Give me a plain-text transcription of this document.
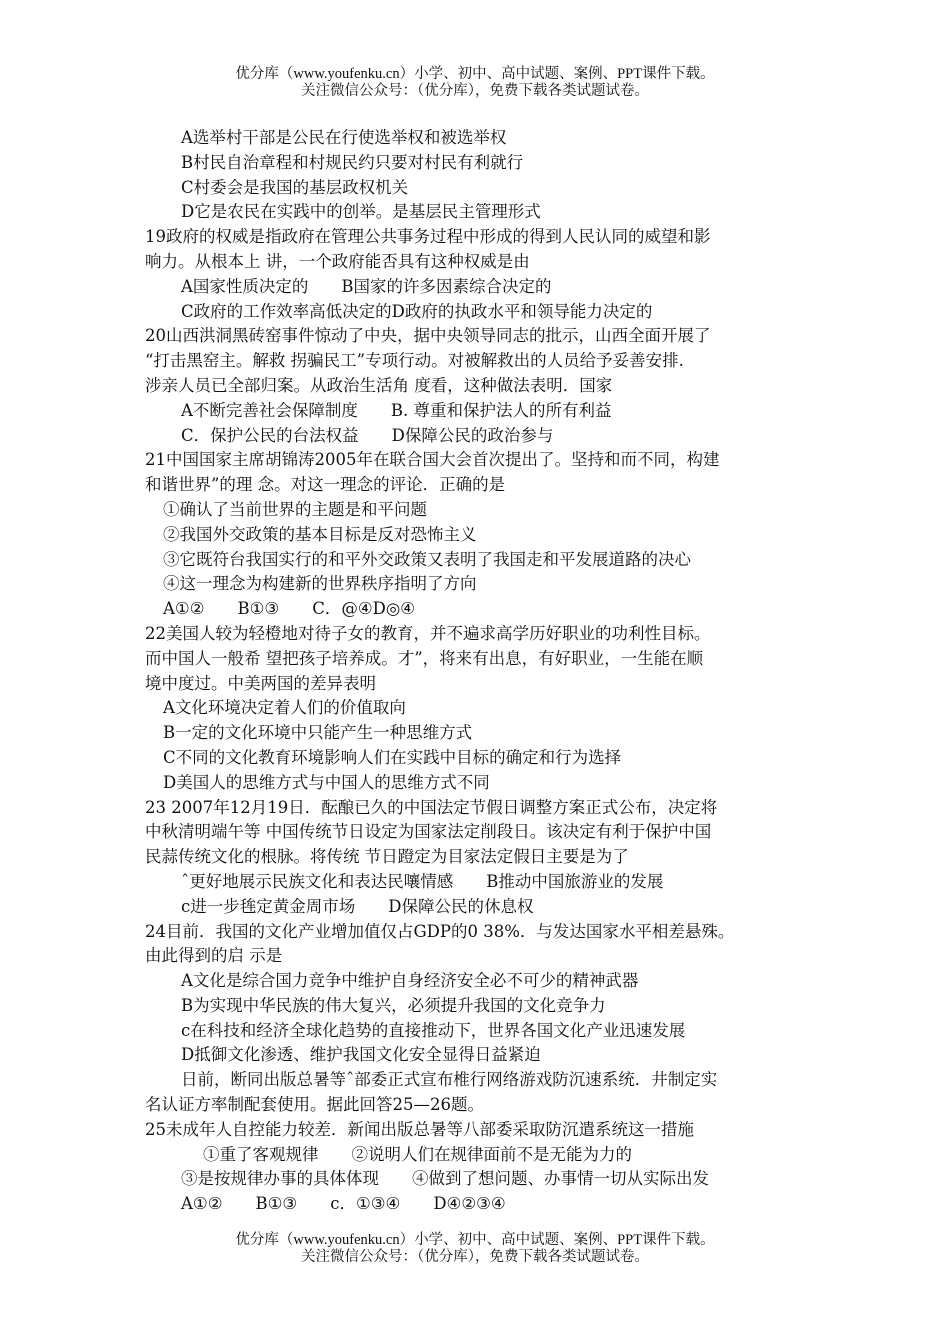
优分库（www.youfenku.cn）小学、初中、高中试题、案例、PPT课件下载。
关注微信公众号：（优分库），免费下载各类试题试卷。
A选举村干部是公民在行使选举权和被选举权
B村民自治章程和村规民约只要对村民有利就行
C村委会是我国的基层政权机关
D它是农民在实践中的创举。是基层民主管理形式
19政府的权威是指政府在管理公共事务过程中形成的得到人民认同的威望和影
响力。从根本上 讲，一个政府能否具有这种权威是由
A国家性质决定的　　B国家的许多因素综合决定的
C政府的工作效率高低决定的D政府的执政水平和领导能力决定的
20山西洪洞黑砖窑事件惊动了中央，据中央领导同志的批示，山西全面开展了
“打击黑窑主。解救 拐骗民工”专项行动。对被解救出的人员给予妥善安排.
涉亲人员已全部归案。从政治生活角 度看，这种做法表明．国家
A不断完善社会保障制度　　B. 尊重和保护法人的所有利益
C．保护公民的台法权益　　D保障公民的政治参与
21中国国家主席胡锦涛2005年在联合国大会首次提出了。坚持和而不同，构建
和谐世界”的理 念。对这一理念的评论．正确的是
①确认了当前世界的主题是和平问题
②我国外交政策的基本目标是反对恐怖主义
③它既符台我国实行的和平外交政策又表明了我国走和平发展道路的决心
④这一理念为构建新的世界秩序指明了方向
A①②　　B①③　　C．@④D◎④
22美国人较为轻橙地对待子女的教育，并不遍求高学历好职业的功利性目标。
而中国人一般希 望把孩子培养成。才”，将来有出息，有好职业，一生能在顺
境中度过。中美两国的差异表明
A文化环境决定着人们的价值取向
B一定的文化环境中只能产生一种思维方式
C不同的文化教育环境影响人们在实践中目标的确定和行为选择
D美国人的思维方式与中国人的思维方式不同
23 2007年12月19日．酝酿已久的中国法定节假日调整方案正式公布，决定将
中秋清明端午等 中国传统节日设定为国家法定削段日。该决定有利于保护中国
民蒜传统文化的根脉。将传统 节日蹬定为目家法定假日主要是为了
ˆ更好地展示民族文化和表达民嚷情感　　B推动中国旅游业的发展
c进一步毪定黄金周市场　　D保障公民的休息权
24目前．我国的文化产业增加值仅占GDP的0 38%．与发达国家水平相差悬殊。
由此得到的启 示是
A文化是综合国力竞争中维护自身经济安全必不可少的精神武器
B为实现中华民族的伟大复兴，必须提升我国的文化竞争力
c在科技和经济全球化趋势的直接推动下，世界各国文化产业迅速发展
D抵御文化渗透、维护我国文化安全显得日益紧迫
日前，断同出版总暑等ˆ部委正式宣布椎行网络游戏防沉速系统．井制定实
名认证方率制配套使用。据此回答25—26题。
25未成年人自控能力较差．新闻出版总暑等八部委采取防沉遣系统这一措施
①重了客观规律　　②说明人们在规律面前不是无能为力的
③是按规律办事的具体体现　　④做到了想问题、办事情一切从实际出发
A①②　　B①③　　c．①③④　　D④②③④
优分库（www.youfenku.cn）小学、初中、高中试题、案例、PPT课件下载。
关注微信公众号：（优分库），免费下载各类试题试卷。
